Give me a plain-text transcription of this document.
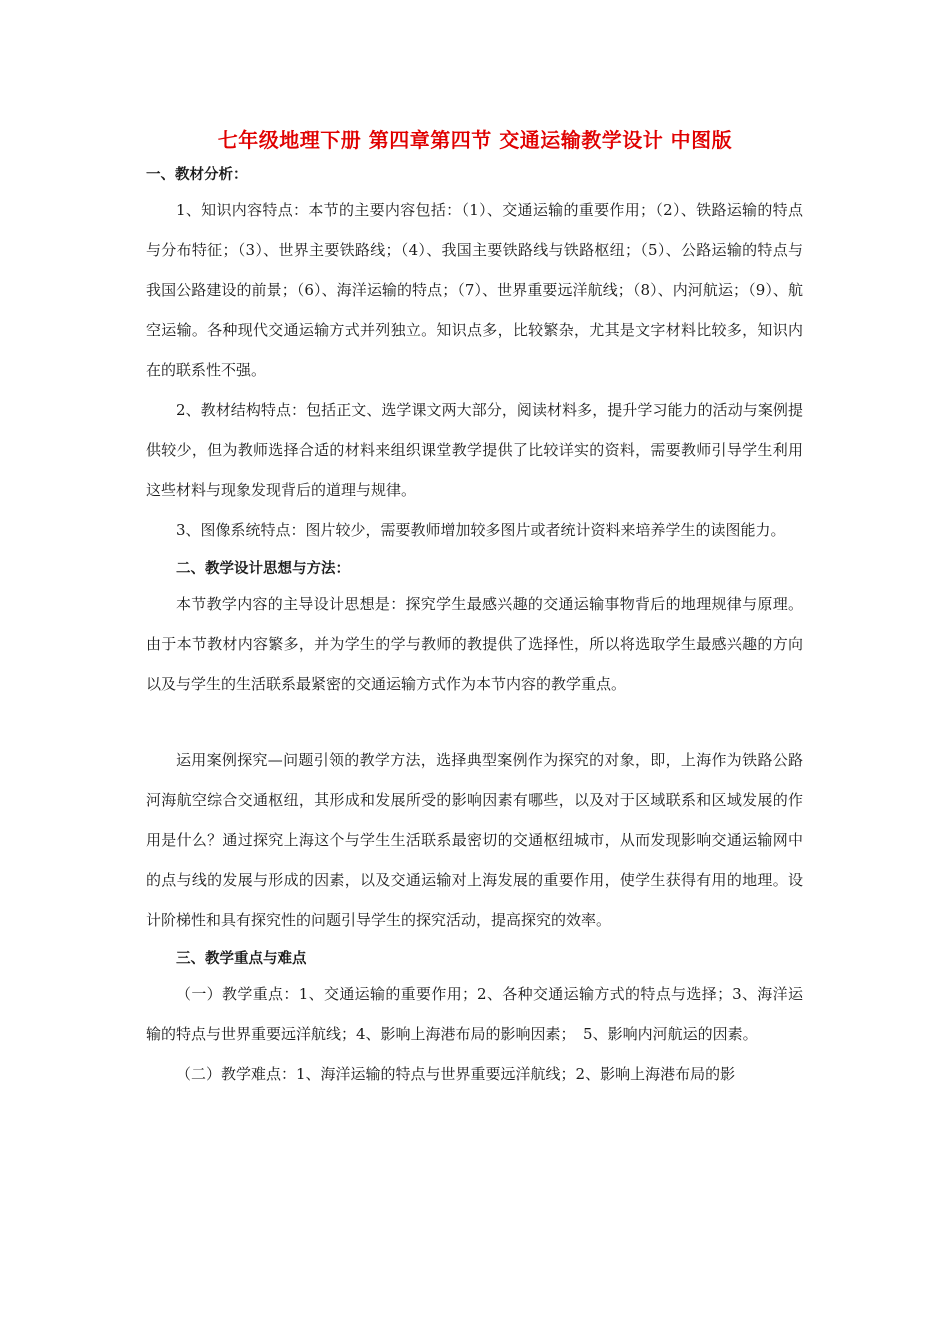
七年级地理下册 第四章第四节 交通运输教学设计 中图版
一、教材分析：

1、知识内容特点：本节的主要内容包括：（1）、交通运输的重要作用；（2）、铁路运输的特点与分布特征；（3）、世界主要铁路线；（4）、我国主要铁路线与铁路枢纽；（5）、公路运输的特点与我国公路建设的前景；（6）、海洋运输的特点；（7）、世界重要远洋航线；（8）、内河航运；（9）、航空运输。各种现代交通运输方式并列独立。知识点多，比较繁杂，尤其是文字材料比较多，知识内在的联系性不强。

2、教材结构特点：包括正文、选学课文两大部分，阅读材料多，提升学习能力的活动与案例提供较少，但为教师选择合适的材料来组织课堂教学提供了比较详实的资料，需要教师引导学生利用这些材料与现象发现背后的道理与规律。

3、图像系统特点：图片较少，需要教师增加较多图片或者统计资料来培养学生的读图能力。

二、教学设计思想与方法：

本节教学内容的主导设计思想是：探究学生最感兴趣的交通运输事物背后的地理规律与原理。由于本节教材内容繁多，并为学生的学与教师的教提供了选择性，所以将选取学生最感兴趣的方向以及与学生的生活联系最紧密的交通运输方式作为本节内容的教学重点。

运用案例探究—问题引领的教学方法，选择典型案例作为探究的对象，即，上海作为铁路公路河海航空综合交通枢纽，其形成和发展所受的影响因素有哪些，以及对于区域联系和区域发展的作用是什么？通过探究上海这个与学生生活联系最密切的交通枢纽城市，从而发现影响交通运输网中的点与线的发展与形成的因素，以及交通运输对上海发展的重要作用，使学生获得有用的地理。设计阶梯性和具有探究性的问题引导学生的探究活动，提高探究的效率。

三、教学重点与难点

（一）教学重点：1、交通运输的重要作用；2、各种交通运输方式的特点与选择；3、海洋运输的特点与世界重要远洋航线；4、影响上海港布局的影响因素；　5、影响内河航运的因素。

（二）教学难点：1、海洋运输的特点与世界重要远洋航线；2、影响上海港布局的影
